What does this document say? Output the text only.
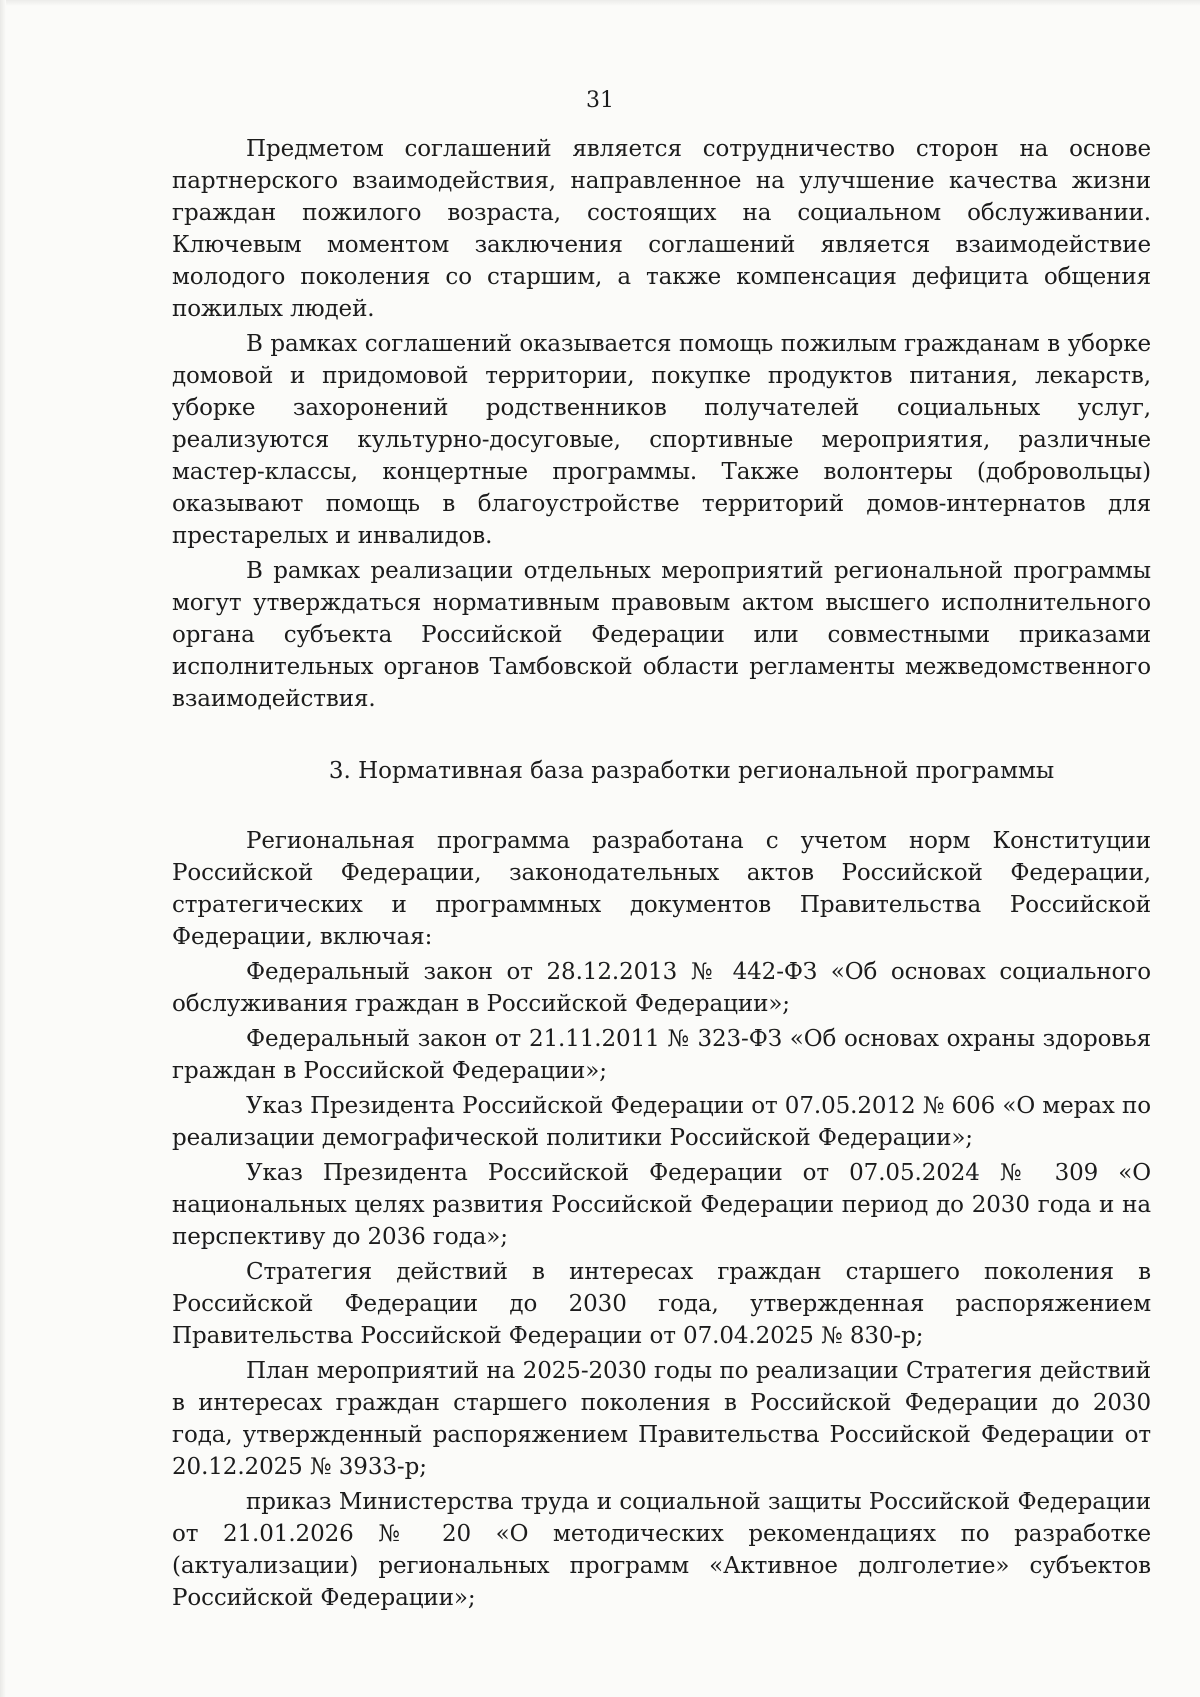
31

Предметом соглашений является сотрудничество сторон на основе партнерского взаимодействия, направленное на улучшение качества жизни граждан пожилого возраста, состоящих на социальном обслуживании. Ключевым моментом заключения соглашений является взаимодействие молодого поколения со старшим, а также компенсация дефицита общения пожилых людей.

В рамках соглашений оказывается помощь пожилым гражданам в уборке домовой и придомовой территории, покупке продуктов питания, лекарств, уборке захоронений родственников получателей социальных услуг, реализуются культурно-досуговые, спортивные мероприятия, различные мастер-классы, концертные программы. Также волонтеры (добровольцы) оказывают помощь в благоустройстве территорий домов-интернатов для престарелых и инвалидов.

В рамках реализации отдельных мероприятий региональной программы могут утверждаться нормативным правовым актом высшего исполнительного органа субъекта Российской Федерации или совместными приказами исполнительных органов Тамбовской области регламенты межведомственного взаимодействия.

3. Нормативная база разработки региональной программы

Региональная программа разработана с учетом норм Конституции Российской Федерации, законодательных актов Российской Федерации, стратегических и программных документов Правительства Российской Федерации, включая:

Федеральный закон от 28.12.2013 № 442-ФЗ «Об основах социального обслуживания граждан в Российской Федерации»;

Федеральный закон от 21.11.2011 № 323-ФЗ «Об основах охраны здоровья граждан в Российской Федерации»;

Указ Президента Российской Федерации от 07.05.2012 № 606 «О мерах по реализации демографической политики Российской Федерации»;

Указ Президента Российской Федерации от 07.05.2024 № 309 «О национальных целях развития Российской Федерации период до 2030 года и на перспективу до 2036 года»;

Стратегия действий в интересах граждан старшего поколения в Российской Федерации до 2030 года, утвержденная распоряжением Правительства Российской Федерации от 07.04.2025 № 830-р;

План мероприятий на 2025-2030 годы по реализации Стратегия действий в интересах граждан старшего поколения в Российской Федерации до 2030 года, утвержденный распоряжением Правительства Российской Федерации от 20.12.2025 № 3933-р;

приказ Министерства труда и социальной защиты Российской Федерации от 21.01.2026 № 20 «О методических рекомендациях по разработке (актуализации) региональных программ «Активное долголетие» субъектов Российской Федерации»;
